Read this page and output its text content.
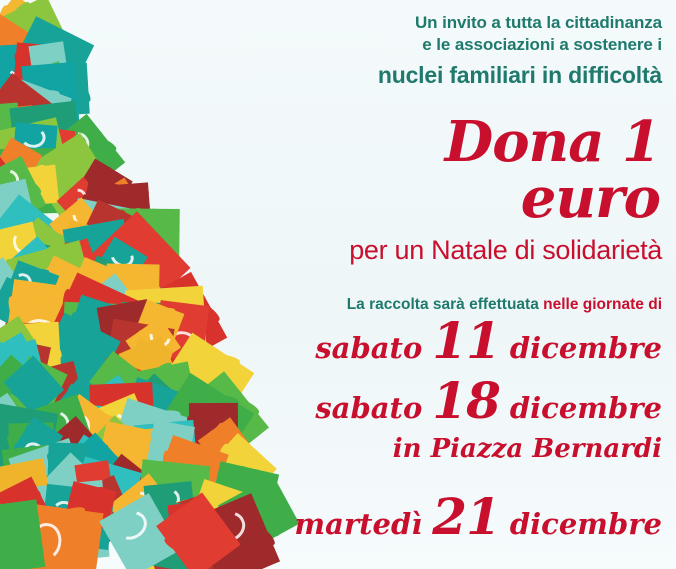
Un invito a tutta la cittadinanza
e le associazioni a sostenere i
nuclei familiari in difficoltà
Dona 1 euro
per un Natale di solidarietà
La raccolta sarà effettuata nelle giornate di
sabato 11 dicembre
sabato 18 dicembre
in Piazza Bernardi
martedì 21 dicembre
